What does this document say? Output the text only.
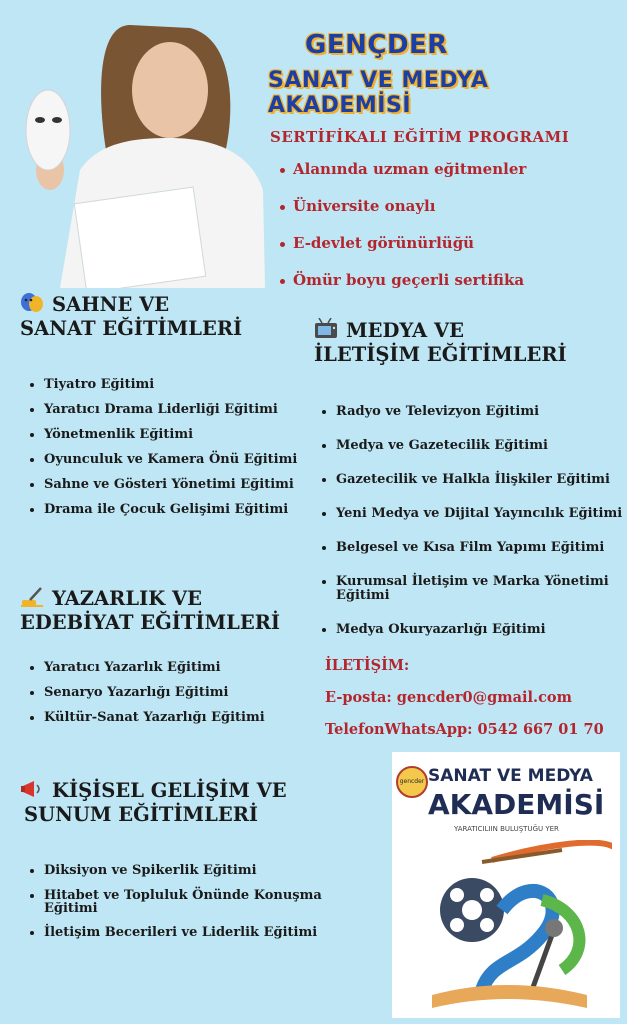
GENÇDER
SANAT VE MEDYA AKADEMİSİ
SERTİFİKALI EĞİTİM PROGRAMI
Alanında uzman eğitmenler
Üniversite onaylı
E-devlet görünürlüğü
Ömür boyu geçerli sertifika
SAHNE VE
SANAT EĞİTİMLERİ
Tiyatro Eğitimi
Yaratıcı Drama Liderliği Eğitimi
Yönetmenlik Eğitimi
Oyunculuk ve Kamera Önü Eğitimi
Sahne ve Gösteri Yönetimi Eğitimi
Drama ile Çocuk Gelişimi Eğitimi
MEDYA VE
İLETİŞİM EĞİTİMLERİ
Radyo ve Televizyon Eğitimi
Medya ve Gazetecilik Eğitimi
Gazetecilik ve Halkla İlişkiler Eğitimi
Yeni Medya ve Dijital Yayıncılık Eğitimi
Belgesel ve Kısa Film Yapımı Eğitimi
Kurumsal İletişim ve Marka Yönetimi
Eğitimi
Medya Okuryazarlığı Eğitimi
YAZARLIK VE
EDEBİYAT EĞİTİMLERİ
Yaratıcı Yazarlık Eğitimi
Senaryo Yazarlığı Eğitimi
Kültür-Sanat Yazarlığı Eğitimi
KİŞİSEL GELİŞİM VE
SUNUM EĞİTİMLERİ
Diksiyon ve Spikerlik Eğitimi
Hitabet ve Topluluk Önünde Konuşma
Eğitimi
İletişim Becerileri ve Liderlik Eğitimi
İLETİŞİM:
E-posta: gencder0@gmail.com
TelefonWhatsApp: 0542 667 01 70
gencder SANAT VE MEDYA
AKADEMİSİ
YARATICILIIN BULUŞTUĞU YER
